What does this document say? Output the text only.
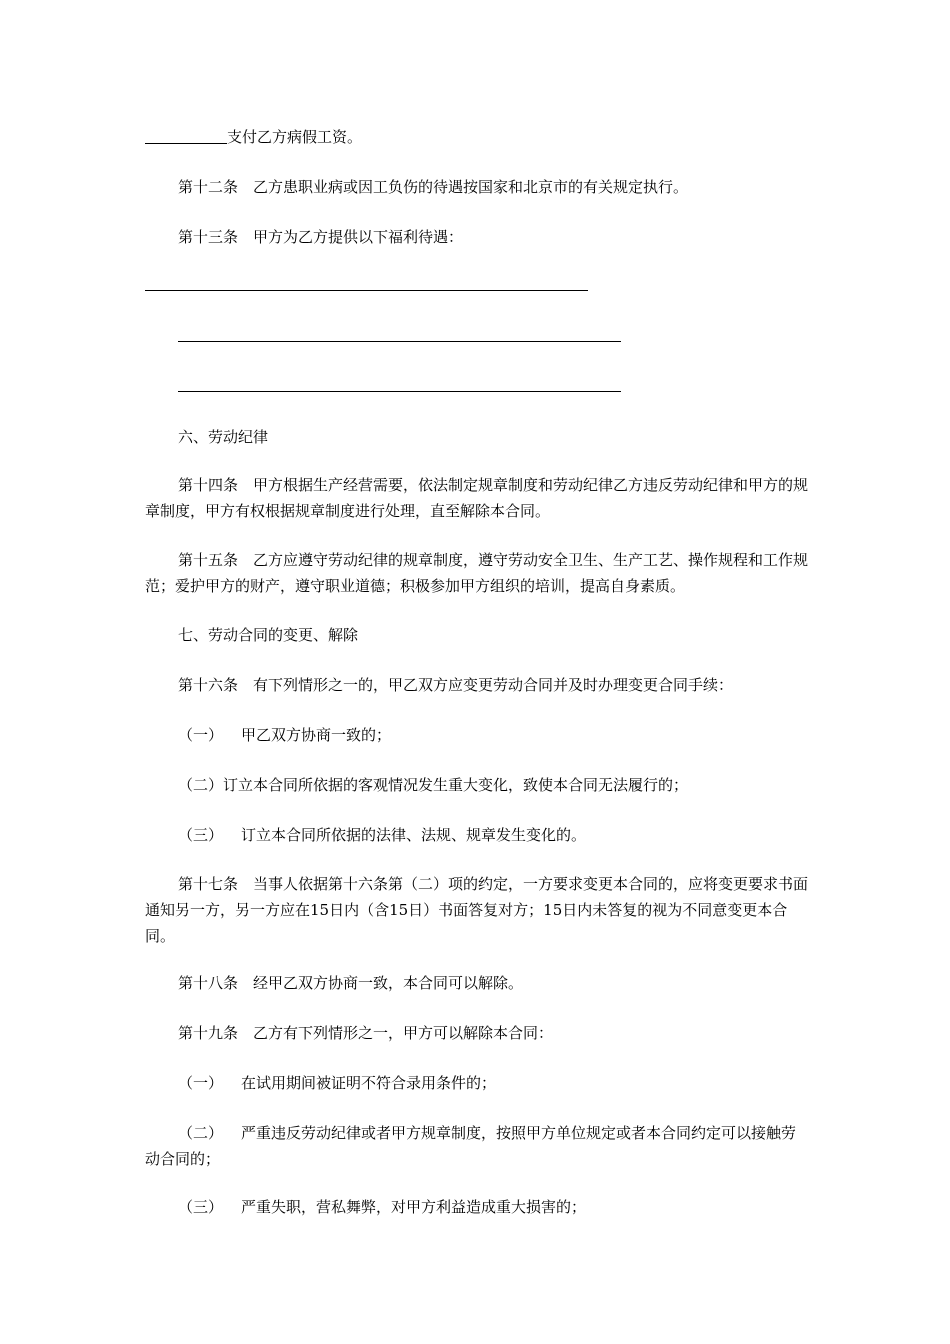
支付乙方病假工资。

第十二条　乙方患职业病或因工负伤的待遇按国家和北京市的有关规定执行。

第十三条　甲方为乙方提供以下福利待遇：

六、劳动纪律

第十四条　甲方根据生产经营需要，依法制定规章制度和劳动纪律乙方违反劳动纪律和甲方的规章制度，甲方有权根据规章制度进行处理，直至解除本合同。

第十五条　乙方应遵守劳动纪律的规章制度，遵守劳动安全卫生、生产工艺、操作规程和工作规范；爱护甲方的财产，遵守职业道德；积极参加甲方组织的培训，提高自身素质。

七、劳动合同的变更、解除

第十六条　有下列情形之一的，甲乙双方应变更劳动合同并及时办理变更合同手续：

（一） 甲乙双方协商一致的；

（二）订立本合同所依据的客观情况发生重大变化，致使本合同无法履行的；

（三） 订立本合同所依据的法律、法规、规章发生变化的。

第十七条　当事人依据第十六条第（二）项的约定，一方要求变更本合同的，应将变更要求书面通知另一方，另一方应在15日内（含15日）书面答复对方；15日内未答复的视为不同意变更本合同。

第十八条　经甲乙双方协商一致，本合同可以解除。

第十九条　乙方有下列情形之一，甲方可以解除本合同：

（一） 在试用期间被证明不符合录用条件的；

（二） 严重违反劳动纪律或者甲方规章制度，按照甲方单位规定或者本合同约定可以接触劳动合同的；

（三） 严重失职，营私舞弊，对甲方利益造成重大损害的；
